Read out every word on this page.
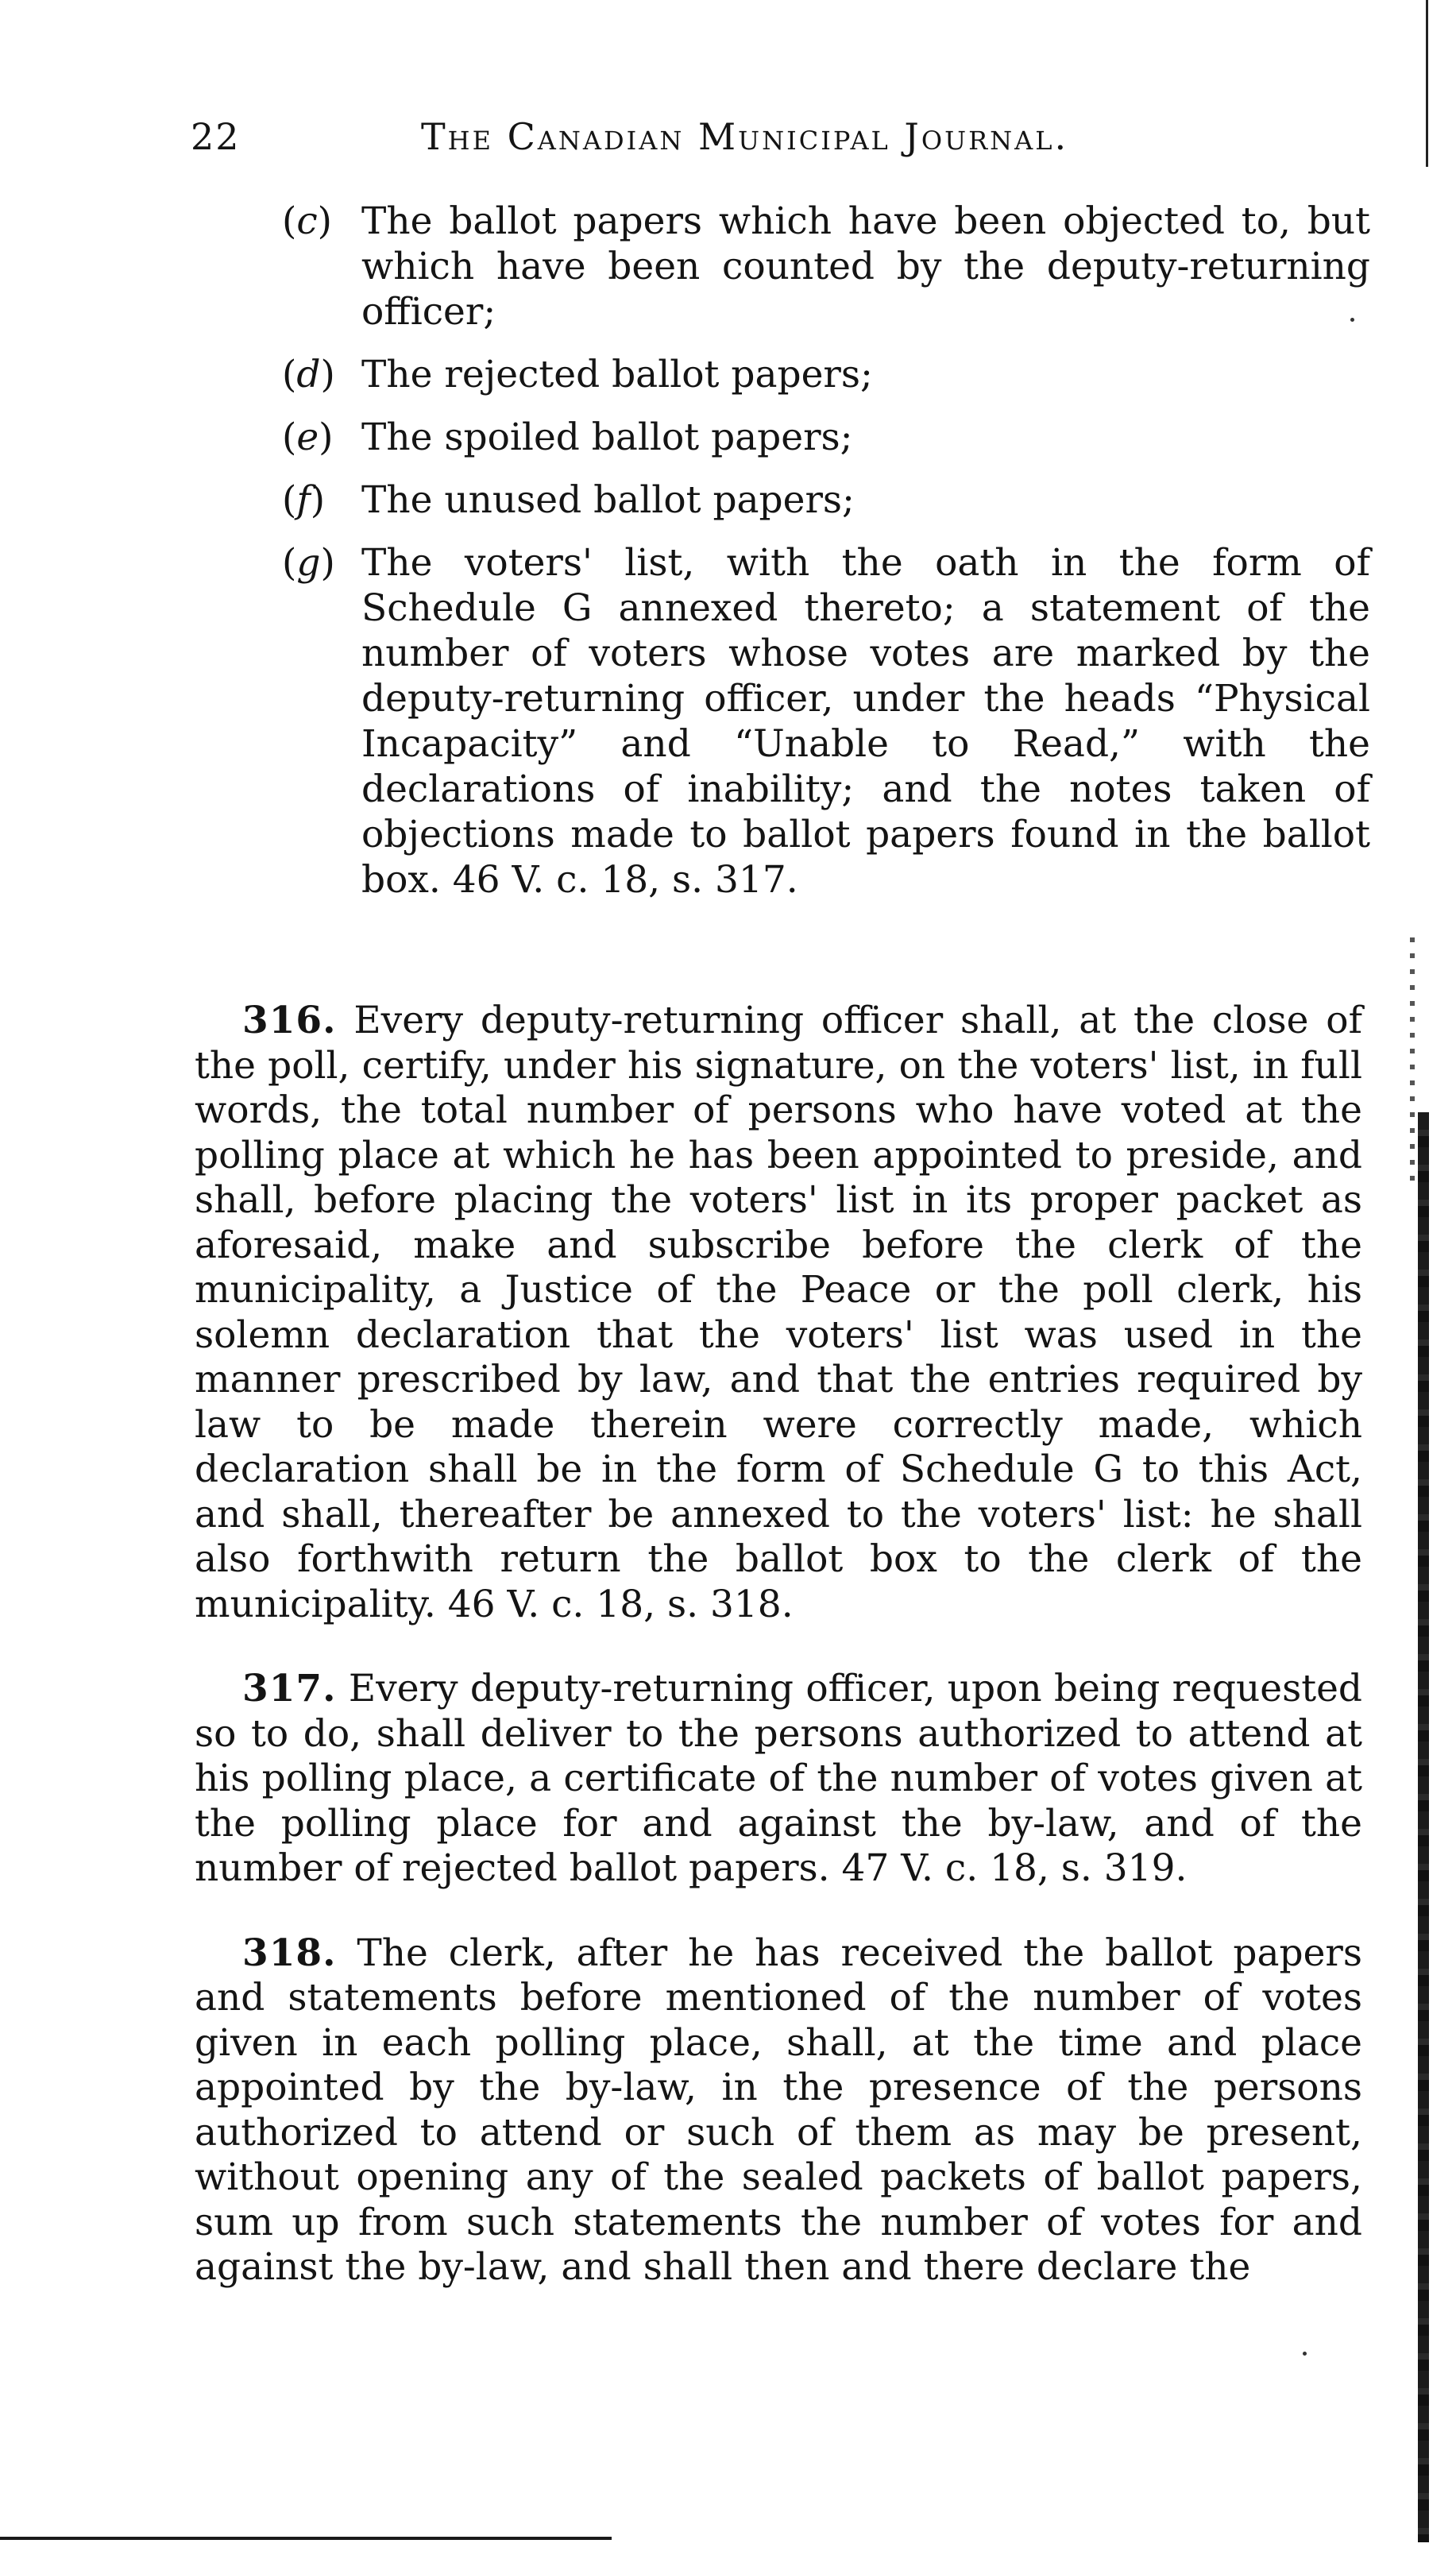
22	The Canadian Municipal Journal.
(c) The ballot papers which have been objected to, but which have been counted by the deputy-returning officer;
(d) The rejected ballot papers;
(e) The spoiled ballot papers;
(f) The unused ballot papers;
(g) The voters' list, with the oath in the form of Schedule G annexed thereto; a statement of the number of voters whose votes are marked by the deputy-returning officer, under the heads “Physical Incapacity” and “Unable to Read,” with the declarations of inability; and the notes taken of objections made to ballot papers found in the ballot box. 46 V. c. 18, s. 317.

316. Every deputy-returning officer shall, at the close of the poll, certify, under his signature, on the voters' list, in full words, the total number of persons who have voted at the polling place at which he has been appointed to preside, and shall, before placing the voters' list in its proper packet as aforesaid, make and subscribe before the clerk of the municipality, a Justice of the Peace or the poll clerk, his solemn declaration that the voters' list was used in the manner prescribed by law, and that the entries required by law to be made therein were correctly made, which declaration shall be in the form of Schedule G to this Act, and shall, thereafter be annexed to the voters' list: he shall also forthwith return the ballot box to the clerk of the municipality. 46 V. c. 18, s. 318.

317. Every deputy-returning officer, upon being requested so to do, shall deliver to the persons authorized to attend at his polling place, a certificate of the number of votes given at the polling place for and against the by-law, and of the number of rejected ballot papers. 47 V. c. 18, s. 319.

318. The clerk, after he has received the ballot papers and statements before mentioned of the number of votes given in each polling place, shall, at the time and place appointed by the by-law, in the presence of the persons authorized to attend or such of them as may be present, without opening any of the sealed packets of ballot papers, sum up from such statements the number of votes for and against the by-law, and shall then and there declare the
